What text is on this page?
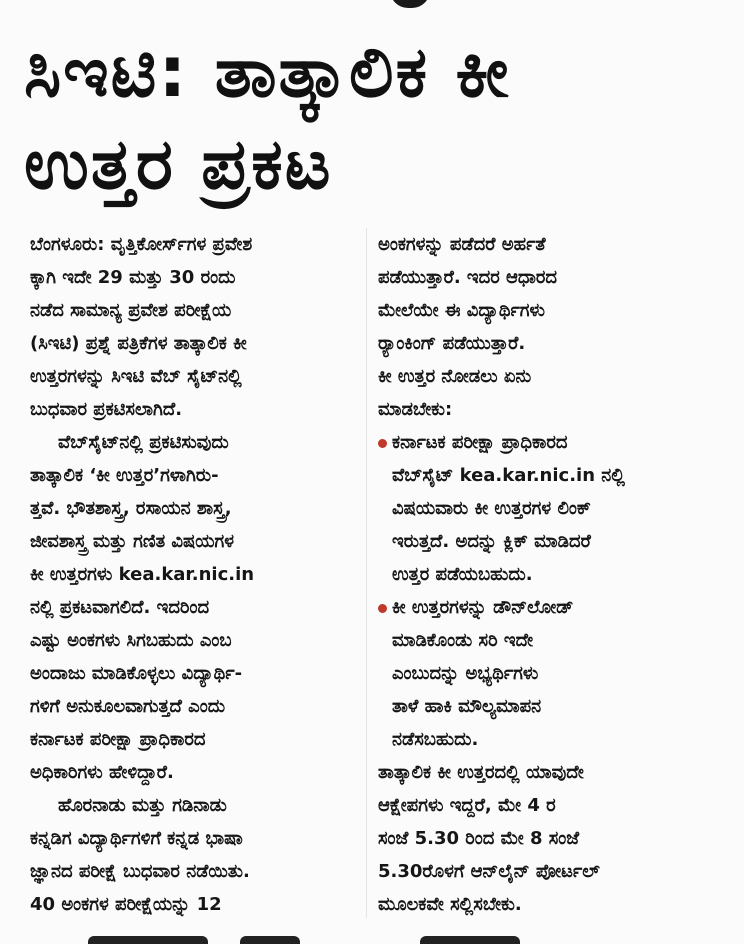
ಸಿಇಟಿ: ತಾತ್ಕಾಲಿಕ ಕೀ
ಉತ್ತರ ಪ್ರಕಟ
ಬೆಂಗಳೂರು: ವೃತ್ತಿಕೋರ್ಸ್‌ಗಳ ಪ್ರವೇಶ
ಕ್ಕಾಗಿ ಇದೇ 29 ಮತ್ತು 30 ರಂದು
ನಡೆದ ಸಾಮಾನ್ಯ ಪ್ರವೇಶ ಪರೀಕ್ಷೆಯ
(ಸಿಇಟಿ) ಪ್ರಶ್ನೆ ಪತ್ರಿಕೆಗಳ ತಾತ್ಕಾಲಿಕ ಕೀ
ಉತ್ತರಗಳನ್ನು ಸಿಇಟಿ ವೆಬ್ ಸೈಟ್‌ನಲ್ಲಿ
ಬುಧವಾರ ಪ್ರಕಟಿಸಲಾಗಿದೆ.
ವೆಬ್‌ಸೈಟ್‌ನಲ್ಲಿ ಪ್ರಕಟಿಸುವುದು
ತಾತ್ಕಾಲಿಕ ‘ಕೀ ಉತ್ತರ’ಗಳಾಗಿರು-
ತ್ತವೆ. ಭೌತಶಾಸ್ತ್ರ, ರಸಾಯನ ಶಾಸ್ತ್ರ,
ಜೀವಶಾಸ್ತ್ರ ಮತ್ತು ಗಣಿತ ವಿಷಯಗಳ
ಕೀ ಉತ್ತರಗಳು kea.kar.nic.in
ನಲ್ಲಿ ಪ್ರಕಟವಾಗಲಿದೆ. ಇದರಿಂದ
ಎಷ್ಟು ಅಂಕಗಳು ಸಿಗಬಹುದು ಎಂಬ
ಅಂದಾಜು ಮಾಡಿಕೊಳ್ಳಲು ವಿದ್ಯಾರ್ಥಿ-
ಗಳಿಗೆ ಅನುಕೂಲವಾಗುತ್ತದೆ ಎಂದು
ಕರ್ನಾಟಕ ಪರೀಕ್ಷಾ ಪ್ರಾಧಿಕಾರದ
ಅಧಿಕಾರಿಗಳು ಹೇಳಿದ್ದಾರೆ.
ಹೊರನಾಡು ಮತ್ತು ಗಡಿನಾಡು
ಕನ್ನಡಿಗ ವಿದ್ಯಾರ್ಥಿಗಳಿಗೆ ಕನ್ನಡ ಭಾಷಾ
ಜ್ಞಾನದ ಪರೀಕ್ಷೆ ಬುಧವಾರ ನಡೆಯಿತು.
40 ಅಂಕಗಳ ಪರೀಕ್ಷೆಯನ್ನು 12
ಅಂಕಗಳನ್ನು ಪಡೆದರೆ ಅರ್ಹತೆ
ಪಡೆಯುತ್ತಾರೆ. ಇದರ ಆಧಾರದ
ಮೇಲೆಯೇ ಈ ವಿದ್ಯಾರ್ಥಿಗಳು
ರ್‍ಯಾಂಕಿಂಗ್ ಪಡೆಯುತ್ತಾರೆ.
ಕೀ ಉತ್ತರ ನೋಡಲು ಏನು
ಮಾಡಬೇಕು:
ಕರ್ನಾಟಕ ಪರೀಕ್ಷಾ ಪ್ರಾಧಿಕಾರದ
ವೆಬ್‌ಸೈಟ್ kea.kar.nic.in ನಲ್ಲಿ
ವಿಷಯವಾರು ಕೀ ಉತ್ತರಗಳ ಲಿಂಕ್
ಇರುತ್ತದೆ. ಅದನ್ನು ಕ್ಲಿಕ್ ಮಾಡಿದರೆ
ಉತ್ತರ ಪಡೆಯಬಹುದು.
ಕೀ ಉತ್ತರಗಳನ್ನು ಡೌನ್‌ಲೋಡ್
ಮಾಡಿಕೊಂಡು ಸರಿ ಇದೇ
ಎಂಬುದನ್ನು ಅಭ್ಯರ್ಥಿಗಳು
ತಾಳೆ ಹಾಕಿ ಮೌಲ್ಯಮಾಪನ
ನಡೆಸಬಹುದು.
ತಾತ್ಕಾಲಿಕ ಕೀ ಉತ್ತರದಲ್ಲಿ ಯಾವುದೇ
ಆಕ್ಷೇಪಗಳು ಇದ್ದರೆ, ಮೇ 4 ರ
ಸಂಜೆ 5.30 ರಿಂದ ಮೇ 8 ಸಂಜೆ
5.30ರೊಳಗೆ ಆನ್‌ಲೈನ್ ಪೋರ್ಟಲ್
ಮೂಲಕವೇ ಸಲ್ಲಿಸಬೇಕು.
